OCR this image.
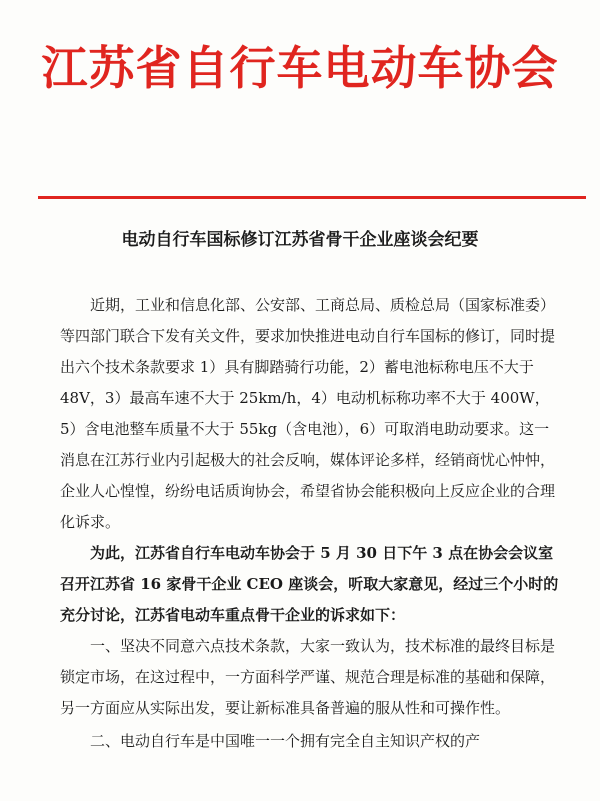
江苏省自行车电动车协会
电动自行车国标修订江苏省骨干企业座谈会纪要

近期，工业和信息化部、公安部、工商总局、质检总局（国家标准委）等四部门联合下发有关文件，要求加快推进电动自行车国标的修订，同时提出六个技术条款要求 1）具有脚踏骑行功能，2）蓄电池标称电压不大于 48V，3）最高车速不大于 25km/h，4）电动机标称功率不大于 400W，5）含电池整车质量不大于 55kg（含电池），6）可取消电助动要求。这一消息在江苏行业内引起极大的社会反响，媒体评论多样，经销商忧心忡忡，企业人心惶惶，纷纷电话质询协会，希望省协会能积极向上反应企业的合理化诉求。

为此，江苏省自行车电动车协会于 5 月 30 日下午 3 点在协会会议室召开江苏省 16 家骨干企业 CEO 座谈会，听取大家意见，经过三个小时的充分讨论，江苏省电动车重点骨干企业的诉求如下：

一、坚决不同意六点技术条款，大家一致认为，技术标准的最终目标是锁定市场，在这过程中，一方面科学严谨、规范合理是标准的基础和保障，另一方面应从实际出发，要让新标准具备普遍的服从性和可操作性。

二、电动自行车是中国唯一一个拥有完全自主知识产权的产
